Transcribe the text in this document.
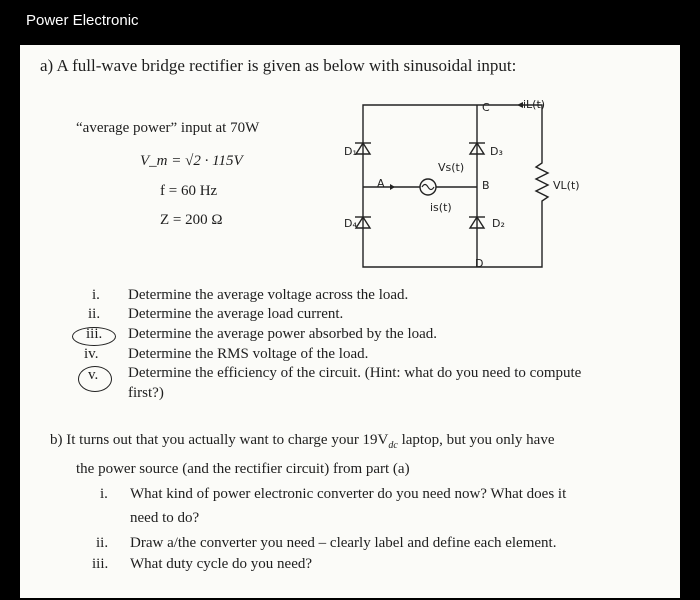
Power Electronic
a) A full-wave bridge rectifier is given as below with sinusoidal input:
“average power” input at 70W
V_m = √2 · 115V
f = 60 Hz
Z = 200 Ω
D₁
D₄
D₃
D₂
A	B
C
D
Vs(t)
is(t)
iL(t)
VL(t)
i. Determine the average voltage across the load.
ii. Determine the average load current.
iii. Determine the average power absorbed by the load.
iv. Determine the RMS voltage of the load.
v. Determine the efficiency of the circuit. (Hint: what do you need to compute
first?)
b) It turns out that you actually want to charge your $19V_{dc}$ laptop, but you only have
the power source (and the rectifier circuit) from part (a)
i. What kind of power electronic converter do you need now? What does it
need to do?
ii. Draw a/the converter you need – clearly label and define each element.
iii. What duty cycle do you need?
